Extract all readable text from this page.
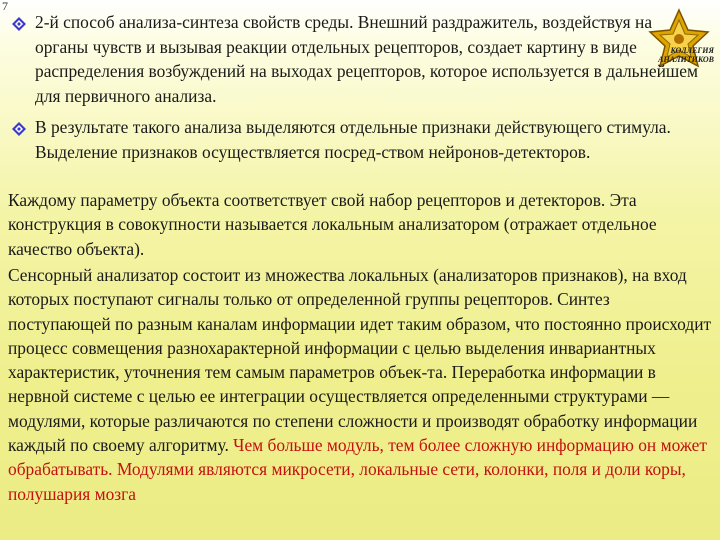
7
КОЛЛЕГИЯ
АНАЛИТИКОВ
2-й способ анализа-синтеза свойств среды. Внешний раздражитель, воздействуя на органы чувств и вызывая реакции отдельных рецепторов, создает картину в виде распределения возбуждений на выходах рецепторов, которое используется в дальнейшем для первичного анализа.
В результате такого анализа выделяются отдельные признаки действующего стимула. Выделение признаков осуществляется посред-ством нейронов-детекторов.
Каждому параметру объекта соответствует свой набор рецепторов и детекторов. Эта конструкция в совокупности называется локальным анализатором (отражает отдельное качество объекта).
Сенсорный анализатор состоит из множества локальных (анализаторов признаков), на вход которых поступают сигналы только от определенной группы рецепторов. Синтез поступающей по разным каналам информации идет таким образом, что постоянно происходит процесс совмещения разнохарактерной информации с целью выделения инвариантных характеристик, уточнения тем самым параметров объек-та. Переработка информации в нервной системе с целью ее интеграции осуществляется определенными структурами — модулями, которые различаются по степени сложности и производят обработку информации каждый по своему алгоритму. Чем больше модуль, тем более сложную информацию он может обрабатывать. Модулями являются микросети, локальные сети, колонки, поля и доли коры, полушария мозга
